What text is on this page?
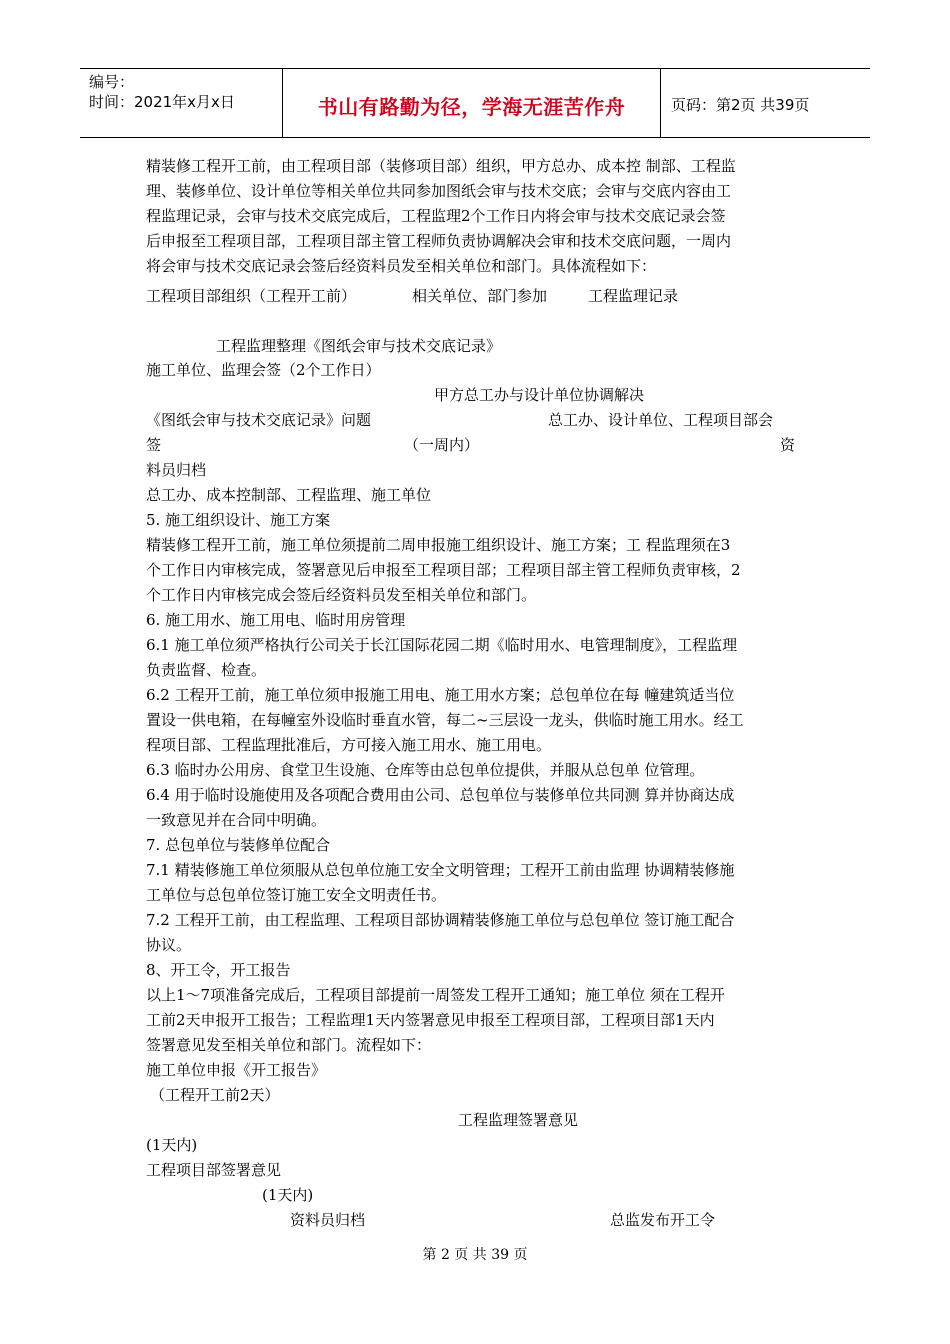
编号：
时间：2021年x月x日	书山有路勤为径，学海无涯苦作舟	页码：第2页 共39页
精装修工程开工前，由工程项目部（装修项目部）组织，甲方总办、成本控 制部、工程监
理、装修单位、设计单位等相关单位共同参加图纸会审与技术交底；会审与交底内容由工
程监理记录，会审与技术交底完成后，工程监理2个工作日内将会审与技术交底记录会签
后申报至工程项目部，工程项目部主管工程师负责协调解决会审和技术交底问题，一周内
将会审与技术交底记录会签后经资料员发至相关单位和部门。具体流程如下：
工程项目部组织（工程开工前）	相关单位、部门参加	工程监理记录
工程监理整理《图纸会审与技术交底记录》
施工单位、监理会签（2个工作日）
甲方总工办与设计单位协调解决
《图纸会审与技术交底记录》问题	总工办、设计单位、工程项目部会
签	（一周内）	资
料员归档
总工办、成本控制部、工程监理、施工单位
5. 施工组织设计、施工方案
精装修工程开工前，施工单位须提前二周申报施工组织设计、施工方案；工 程监理须在3
个工作日内审核完成，签署意见后申报至工程项目部；工程项目部主管工程师负责审核，2
个工作日内审核完成会签后经资料员发至相关单位和部门。
6. 施工用水、施工用电、临时用房管理
6.1 施工单位须严格执行公司关于长江国际花园二期《临时用水、电管理制度》，工程监理
负责监督、检查。
6.2 工程开工前，施工单位须申报施工用电、施工用水方案；总包单位在每 幢建筑适当位
置设一供电箱，在每幢室外设临时垂直水管，每二~三层设一龙头，供临时施工用水。经工
程项目部、工程监理批准后，方可接入施工用水、施工用电。
6.3 临时办公用房、食堂卫生设施、仓库等由总包单位提供，并服从总包单 位管理。
6.4 用于临时设施使用及各项配合费用由公司、总包单位与装修单位共同测 算并协商达成
一致意见并在合同中明确。
7. 总包单位与装修单位配合
7.1 精装修施工单位须服从总包单位施工安全文明管理；工程开工前由监理 协调精装修施
工单位与总包单位签订施工安全文明责任书。
7.2 工程开工前，由工程监理、工程项目部协调精装修施工单位与总包单位 签订施工配合
协议。
8、开工令，开工报告
以上1～7项准备完成后，工程项目部提前一周签发工程开工通知；施工单位 须在工程开
工前2天申报开工报告；工程监理1天内签署意见申报至工程项目部，工程项目部1天内
签署意见发至相关单位和部门。流程如下：
施工单位申报《开工报告》
（工程开工前2天）
工程监理签署意见
(1天内)
工程项目部签署意见
(1天内)
资料员归档	总监发布开工令
第 2 页 共 39 页
